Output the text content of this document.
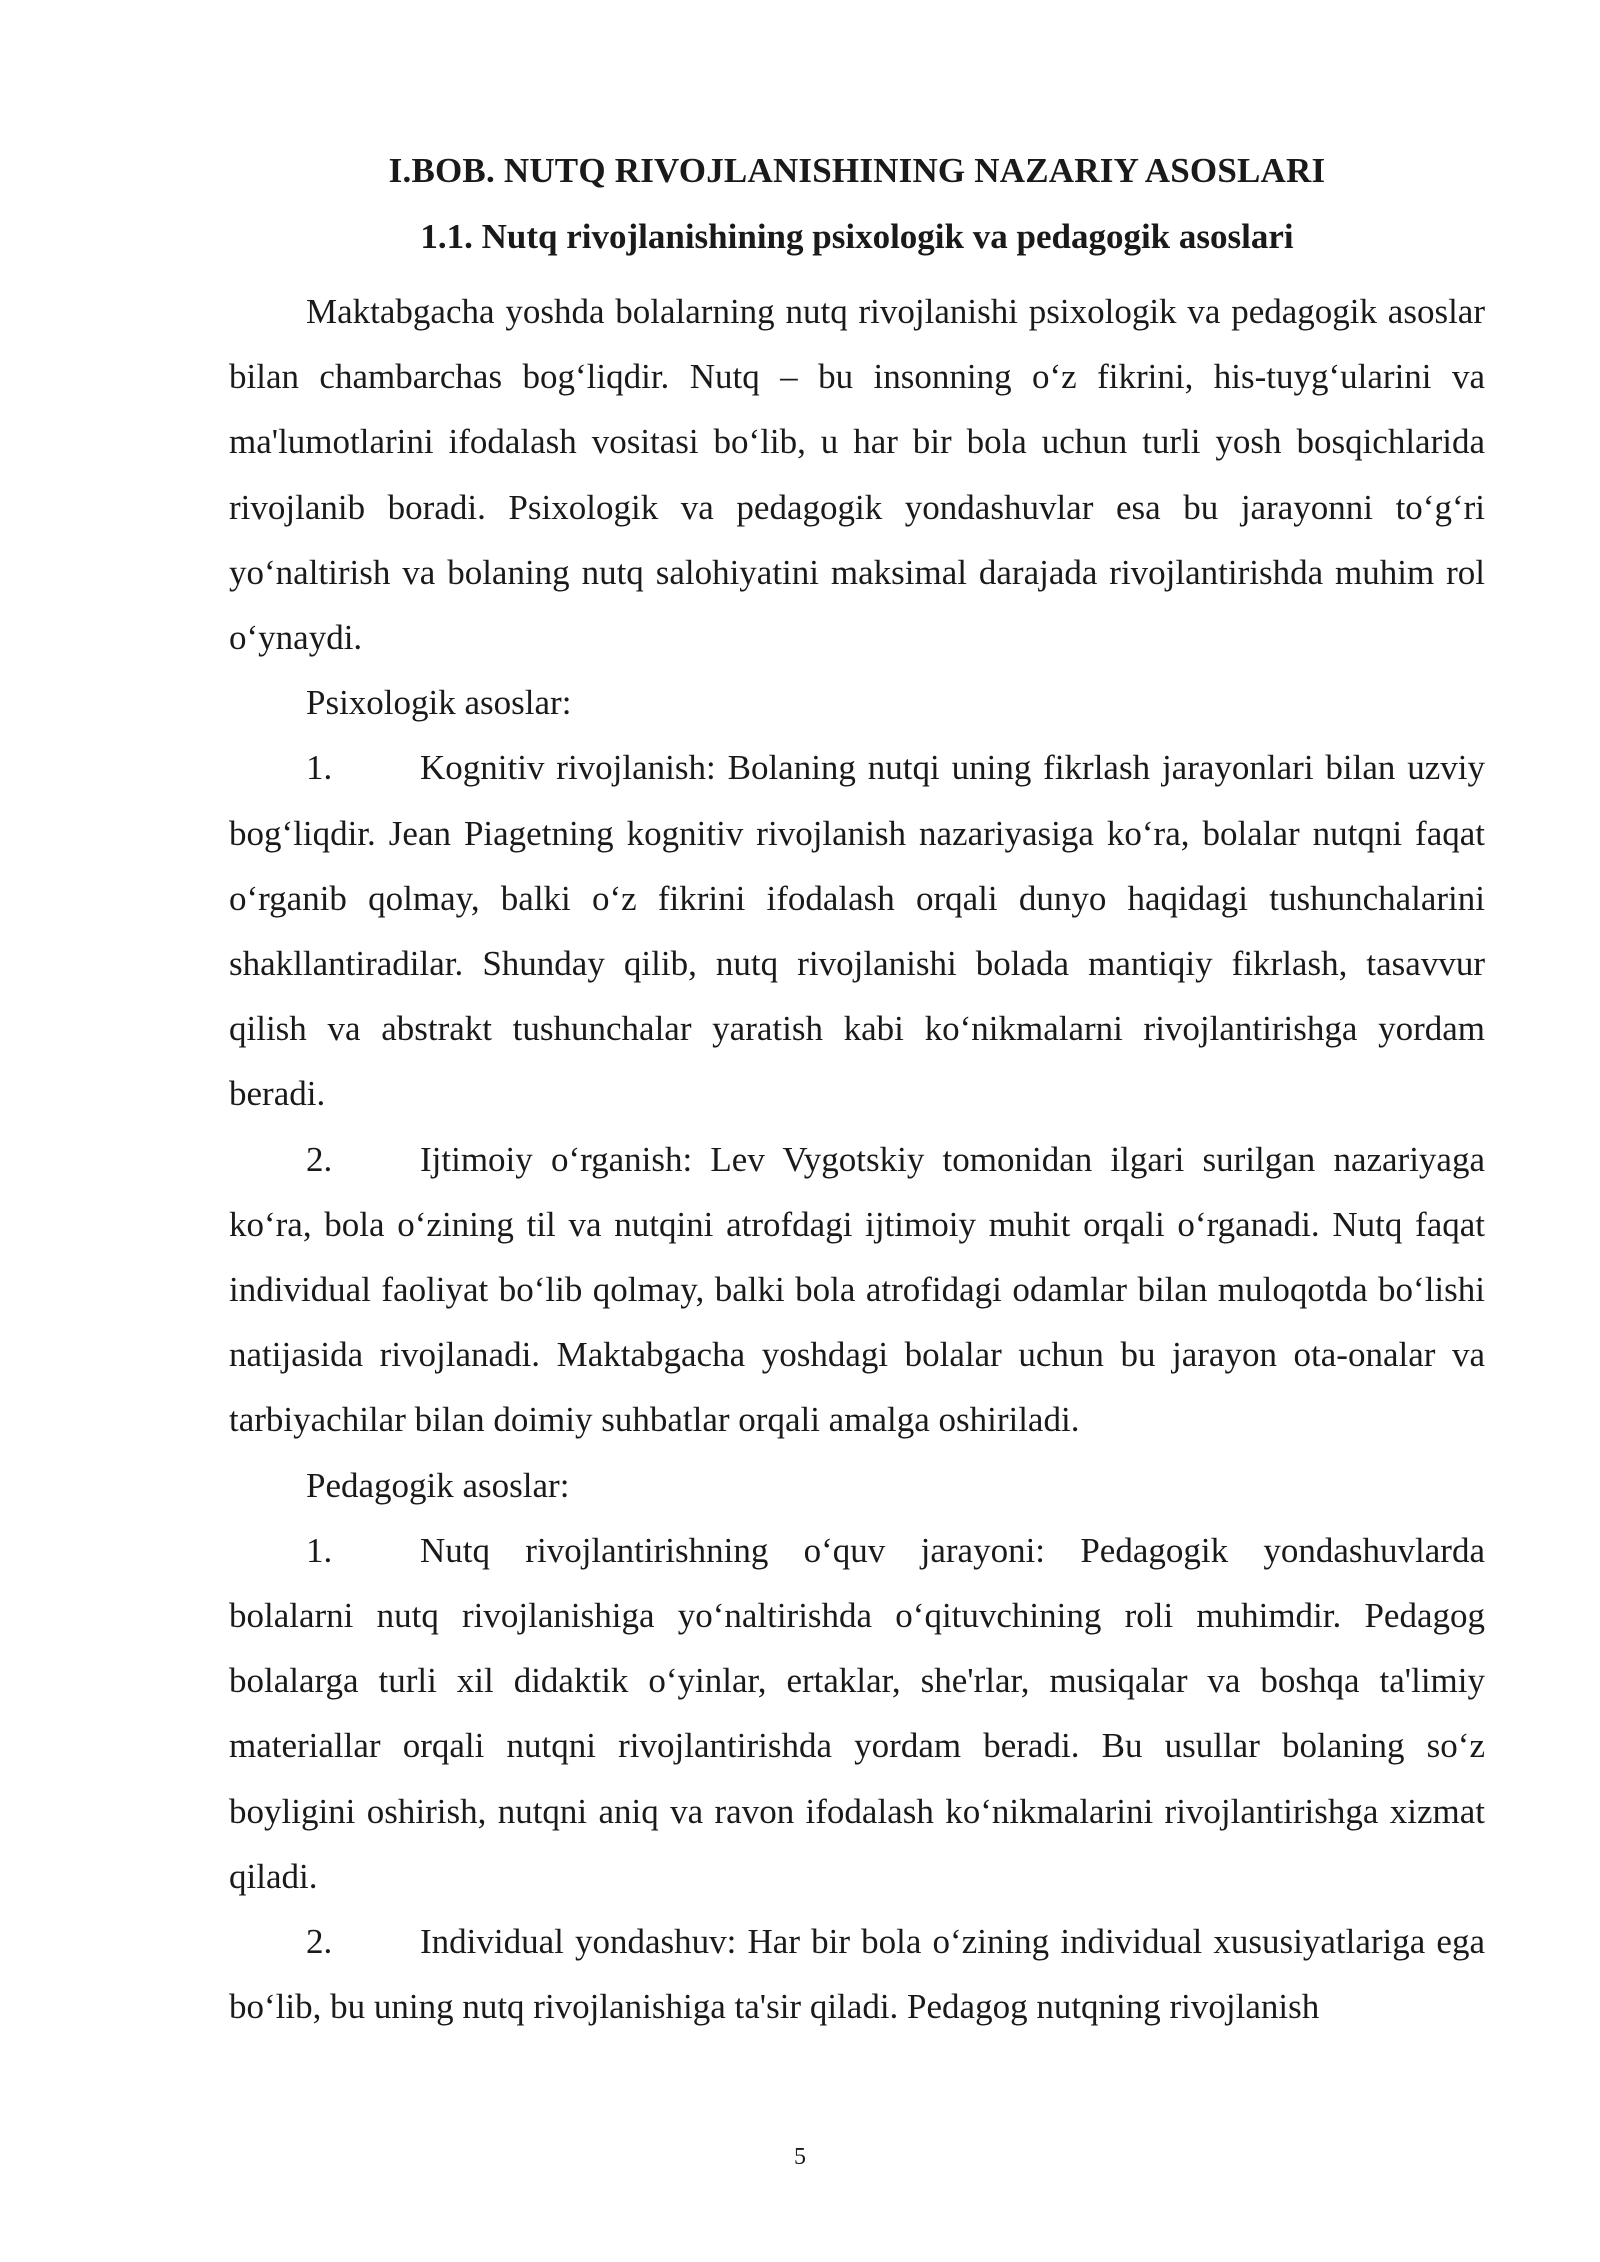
I.BOB. NUTQ RIVOJLANISHINING NAZARIY ASOSLARI
1.1. Nutq rivojlanishining psixologik va pedagogik asoslari

Maktabgacha yoshda bolalarning nutq rivojlanishi psixologik va pedagogik asoslar bilan chambarchas bog‘liqdir. Nutq – bu insonning o‘z fikrini, his-tuyg‘ularini va ma'lumotlarini ifodalash vositasi bo‘lib, u har bir bola uchun turli yosh bosqichlarida rivojlanib boradi. Psixologik va pedagogik yondashuvlar esa bu jarayonni to‘g‘ri yo‘naltirish va bolaning nutq salohiyatini maksimal darajada rivojlantirishda muhim rol o‘ynaydi.

Psixologik asoslar:

1.	Kognitiv rivojlanish: Bolaning nutqi uning fikrlash jarayonlari bilan uzviy bog‘liqdir. Jean Piagetning kognitiv rivojlanish nazariyasiga ko‘ra, bolalar nutqni faqat o‘rganib qolmay, balki o‘z fikrini ifodalash orqali dunyo haqidagi tushunchalarini shakllantiradilar. Shunday qilib, nutq rivojlanishi bolada mantiqiy fikrlash, tasavvur qilish va abstrakt tushunchalar yaratish kabi ko‘nikmalarni rivojlantirishga yordam beradi.

2.	Ijtimoiy o‘rganish: Lev Vygotskiy tomonidan ilgari surilgan nazariyaga ko‘ra, bola o‘zining til va nutqini atrofdagi ijtimoiy muhit orqali o‘rganadi. Nutq faqat individual faoliyat bo‘lib qolmay, balki bola atrofidagi odamlar bilan muloqotda bo‘lishi natijasida rivojlanadi. Maktabgacha yoshdagi bolalar uchun bu jarayon ota-onalar va tarbiyachilar bilan doimiy suhbatlar orqali amalga oshiriladi.

Pedagogik asoslar:

1.	Nutq rivojlantirishning o‘quv jarayoni: Pedagogik yondashuvlarda bolalarni nutq rivojlanishiga yo‘naltirishda o‘qituvchining roli muhimdir. Pedagog bolalarga turli xil didaktik o‘yinlar, ertaklar, she'rlar, musiqalar va boshqa ta'limiy materiallar orqali nutqni rivojlantirishda yordam beradi. Bu usullar bolaning so‘z boyligini oshirish, nutqni aniq va ravon ifodalash ko‘nikmalarini rivojlantirishga xizmat qiladi.

2.	Individual yondashuv: Har bir bola o‘zining individual xususiyatlariga ega bo‘lib, bu uning nutq rivojlanishiga ta'sir qiladi. Pedagog nutqning rivojlanish

5
